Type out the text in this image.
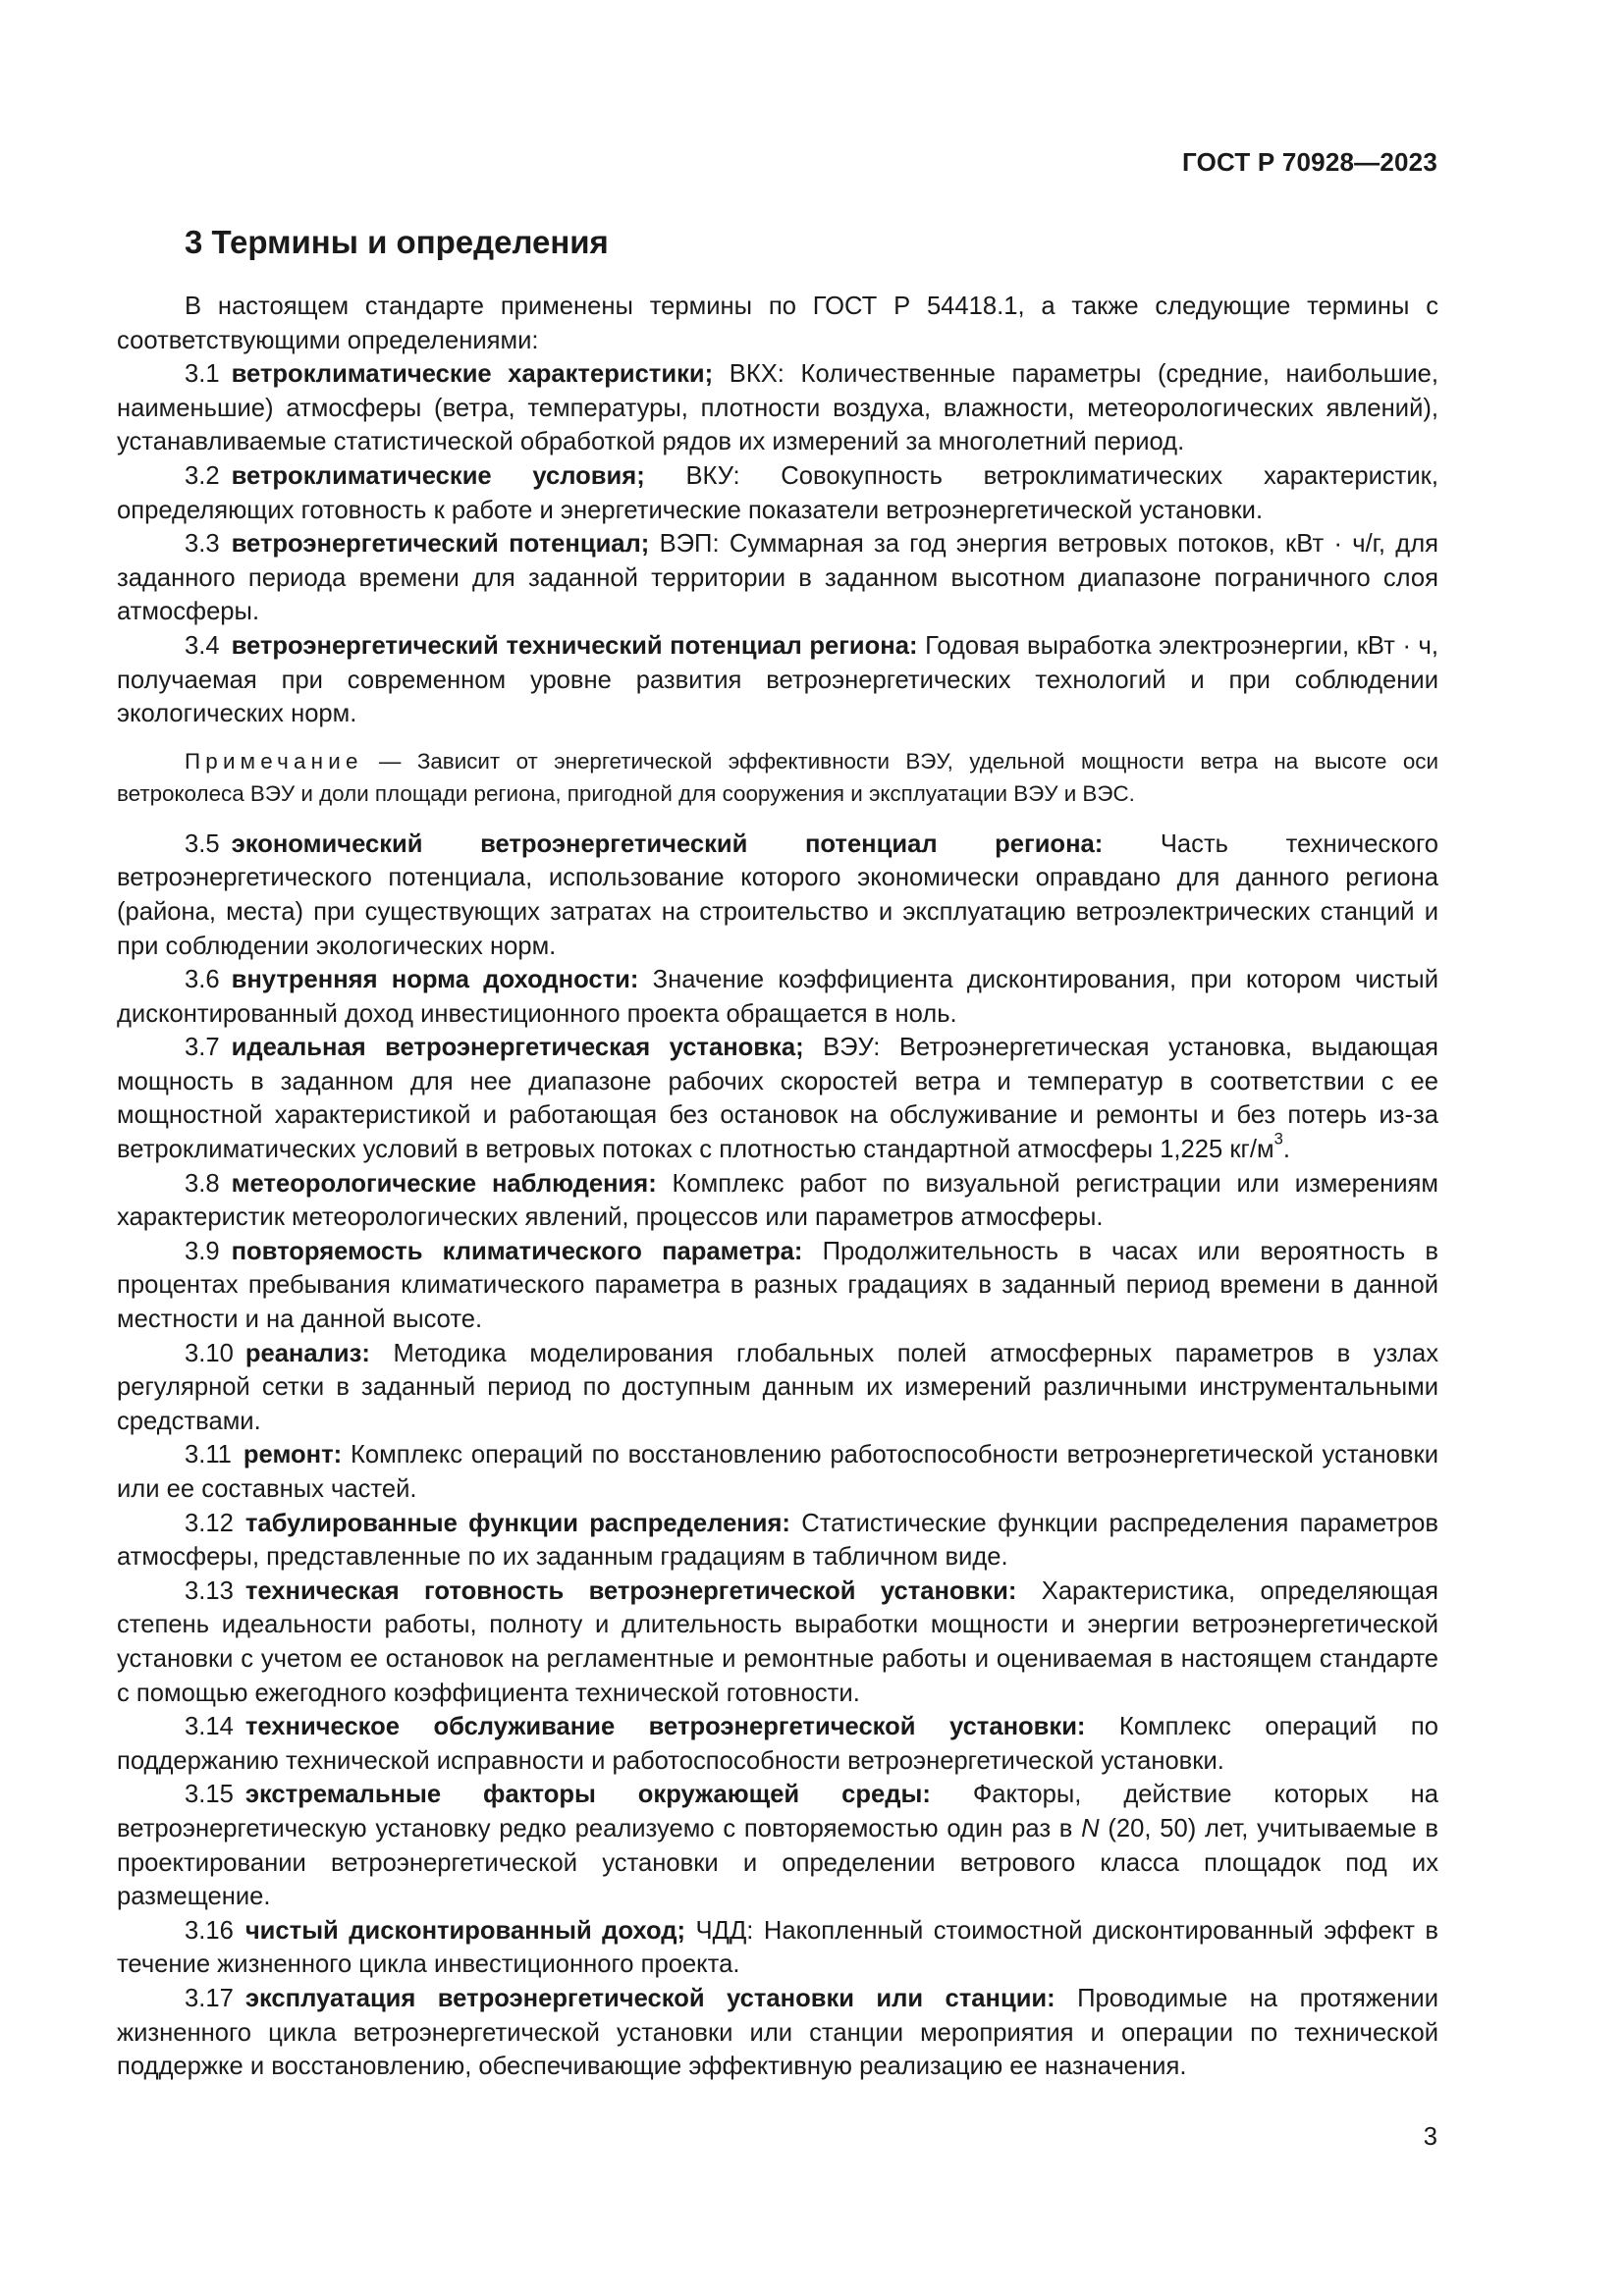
ГОСТ Р 70928—2023
3 Термины и определения

В настоящем стандарте применены термины по ГОСТ Р 54418.1, а также следующие термины с соответствующими определениями:

3.1 ветроклиматические характеристики; ВКХ: Количественные параметры (средние, наибольшие, наименьшие) атмосферы (ветра, температуры, плотности воздуха, влажности, метеорологических явлений), устанавливаемые статистической обработкой рядов их измерений за многолетний период.

3.2 ветроклиматические условия; ВКУ: Совокупность ветроклиматических характеристик, определяющих готовность к работе и энергетические показатели ветроэнергетической установки.

3.3 ветроэнергетический потенциал; ВЭП: Суммарная за год энергия ветровых потоков, кВт · ч/г, для заданного периода времени для заданной территории в заданном высотном диапазоне пограничного слоя атмосферы.

3.4 ветроэнергетический технический потенциал региона: Годовая выработка электроэнергии, кВт · ч, получаемая при современном уровне развития ветроэнергетических технологий и при соблюдении экологических норм.

Примечание — Зависит от энергетической эффективности ВЭУ, удельной мощности ветра на высоте оси ветроколеса ВЭУ и доли площади региона, пригодной для сооружения и эксплуатации ВЭУ и ВЭС.

3.5 экономический ветроэнергетический потенциал региона: Часть технического ветроэнергетического потенциала, использование которого экономически оправдано для данного региона (района, места) при существующих затратах на строительство и эксплуатацию ветроэлектрических станций и при соблюдении экологических норм.

3.6 внутренняя норма доходности: Значение коэффициента дисконтирования, при котором чистый дисконтированный доход инвестиционного проекта обращается в ноль.

3.7 идеальная ветроэнергетическая установка; ВЭУ: Ветроэнергетическая установка, выдающая мощность в заданном для нее диапазоне рабочих скоростей ветра и температур в соответствии с ее мощностной характеристикой и работающая без остановок на обслуживание и ремонты и без потерь из-за ветроклиматических условий в ветровых потоках с плотностью стандартной атмосферы 1,225 $кг/м^3$.

3.8 метеорологические наблюдения: Комплекс работ по визуальной регистрации или измерениям характеристик метеорологических явлений, процессов или параметров атмосферы.

3.9 повторяемость климатического параметра: Продолжительность в часах или вероятность в процентах пребывания климатического параметра в разных градациях в заданный период времени в данной местности и на данной высоте.

3.10 реанализ: Методика моделирования глобальных полей атмосферных параметров в узлах регулярной сетки в заданный период по доступным данным их измерений различными инструментальными средствами.

3.11 ремонт: Комплекс операций по восстановлению работоспособности ветроэнергетической установки или ее составных частей.

3.12 табулированные функции распределения: Статистические функции распределения параметров атмосферы, представленные по их заданным градациям в табличном виде.

3.13 техническая готовность ветроэнергетической установки: Характеристика, определяющая степень идеальности работы, полноту и длительность выработки мощности и энергии ветроэнергетической установки с учетом ее остановок на регламентные и ремонтные работы и оцениваемая в настоящем стандарте с помощью ежегодного коэффициента технической готовности.

3.14 техническое обслуживание ветроэнергетической установки: Комплекс операций по поддержанию технической исправности и работоспособности ветроэнергетической установки.

3.15 экстремальные факторы окружающей среды: Факторы, действие которых на ветроэнергетическую установку редко реализуемо с повторяемостью один раз в N (20, 50) лет, учитываемые в проектировании ветроэнергетической установки и определении ветрового класса площадок под их размещение.

3.16 чистый дисконтированный доход; ЧДД: Накопленный стоимостной дисконтированный эффект в течение жизненного цикла инвестиционного проекта.

3.17 эксплуатация ветроэнергетической установки или станции: Проводимые на протяжении жизненного цикла ветроэнергетической установки или станции мероприятия и операции по технической поддержке и восстановлению, обеспечивающие эффективную реализацию ее назначения.

3
